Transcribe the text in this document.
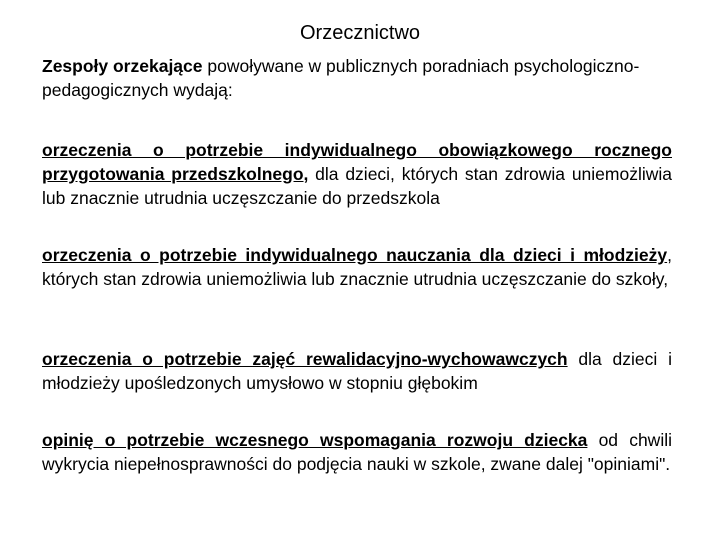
Orzecznictwo
Zespoły orzekające powoływane w publicznych poradniach psychologiczno-pedagogicznych wydają:
orzeczenia o potrzebie indywidualnego obowiązkowego rocznego przygotowania przedszkolnego, dla dzieci, których stan zdrowia uniemożliwia lub znacznie utrudnia uczęszczanie do przedszkola
orzeczenia o potrzebie indywidualnego nauczania dla dzieci i młodzieży, których stan zdrowia uniemożliwia lub znacznie utrudnia uczęszczanie do szkoły,
orzeczenia o potrzebie zajęć rewalidacyjno-wychowawczych dla dzieci i młodzieży upośledzonych umysłowo w stopniu głębokim
opinię o potrzebie wczesnego wspomagania rozwoju dziecka od chwili wykrycia niepełnosprawności do podjęcia nauki w szkole, zwane dalej "opiniami".
